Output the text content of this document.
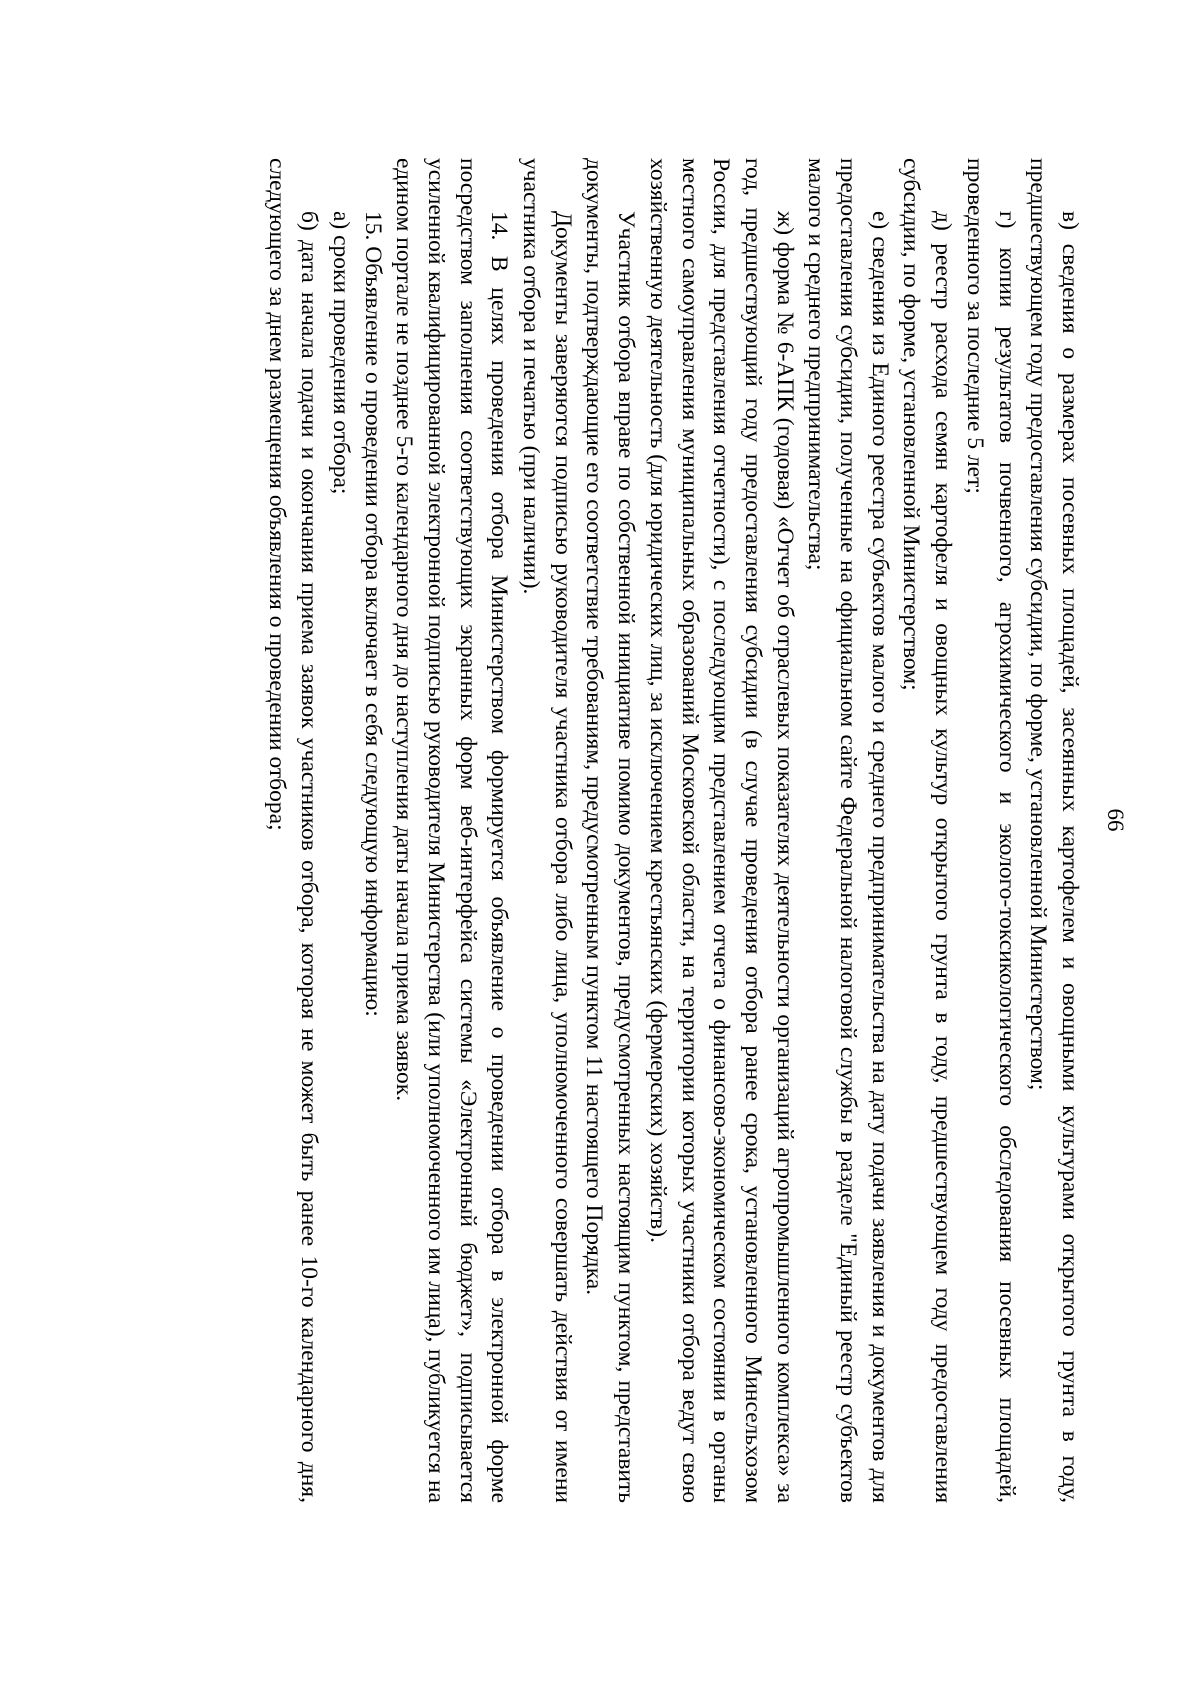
66

в) сведения о размерах посевных площадей, засеянных картофелем и овощными культурами открытого грунта в году, предшествующем году предоставления субсидии, по форме, установленной Министерством;

г) копии результатов почвенного, агрохимического и эколого-токсикологического обследования посевных площадей, проведенного за последние 5 лет;

д) реестр расхода семян картофеля и овощных культур открытого грунта в году, предшествующем году предоставления субсидии, по форме, установленной Министерством;

е) сведения из Единого реестра субъектов малого и среднего предпринимательства на дату подачи заявления и документов для предоставления субсидии, полученные на официальном сайте Федеральной налоговой службы в разделе "Единый реестр субъектов малого и среднего предпринимательства;

ж) форма № 6-АПК (годовая) «Отчет об отраслевых показателях деятельности организаций агропромышленного комплекса» за год, предшествующий году предоставления субсидии (в случае проведения отбора ранее срока, установленного Минсельхозом России, для представления отчетности), с последующим представлением отчета о финансово-экономическом состоянии в органы местного самоуправления муниципальных образований Московской области, на территории которых участники отбора ведут свою хозяйственную деятельность (для юридических лиц, за исключением крестьянских (фермерских) хозяйств).

Участник отбора вправе по собственной инициативе помимо документов, предусмотренных настоящим пунктом, представить документы, подтверждающие его соответствие требованиям, предусмотренным пунктом 11 настоящего Порядка.

Документы заверяются подписью руководителя участника отбора либо лица, уполномоченного совершать действия от имени участника отбора и печатью (при наличии).

14. В целях проведения отбора Министерством формируется объявление о проведении отбора в электронной форме посредством заполнения соответствующих экранных форм веб-интерфейса системы «Электронный бюджет», подписывается усиленной квалифицированной электронной подписью руководителя Министерства (или уполномоченного им лица), публикуется на едином портале не позднее 5-го календарного дня до наступления даты начала приема заявок.

15. Объявление о проведении отбора включает в себя следующую информацию:

а) сроки проведения отбора;

б) дата начала подачи и окончания приема заявок участников отбора, которая не может быть ранее 10-го календарного дня, следующего за днем размещения объявления о проведении отбора;
